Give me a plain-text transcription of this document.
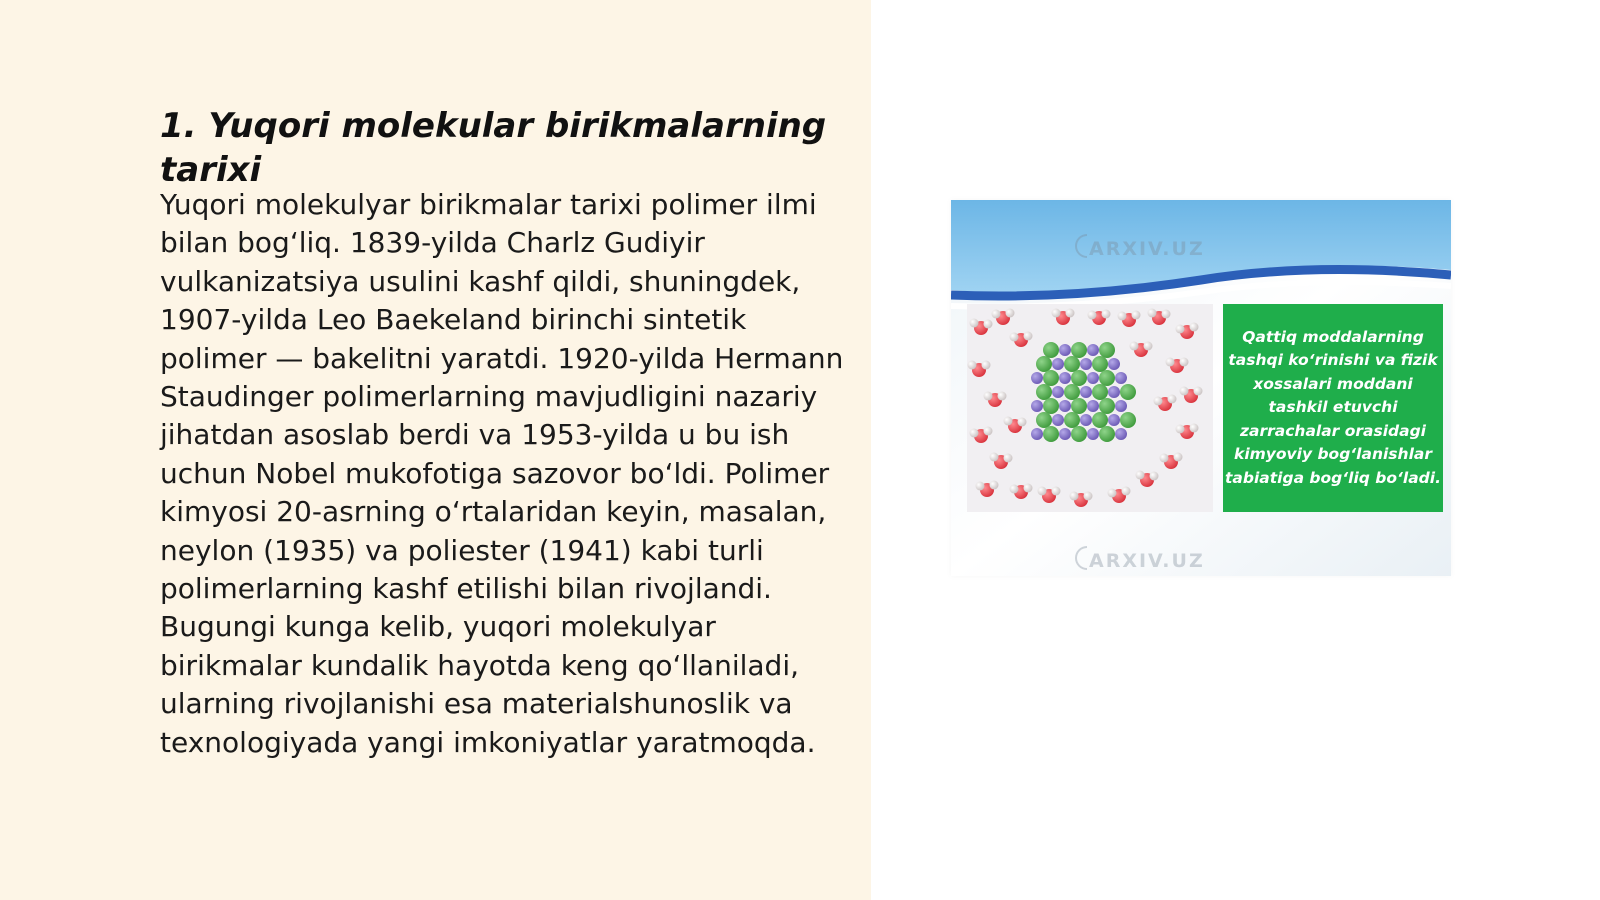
1. Yuqori molekular birikmalarning tarixi

Yuqori molekulyar birikmalar tarixi polimer ilmi bilan bog‘liq. 1839-yilda Charlz Gudiyir vulkanizatsiya usulini kashf qildi, shuningdek, 1907-yilda Leo Baekeland birinchi sintetik polimer — bakelitni yaratdi. 1920-yilda Hermann Staudinger polimerlarning mavjudligini nazariy jihatdan asoslab berdi va 1953-yilda u bu ish uchun Nobel mukofotiga sazovor bo‘ldi. Polimer kimyosi 20-asrning o‘rtalaridan keyin, masalan, neylon (1935) va poliester (1941) kabi turli polimerlarning kashf etilishi bilan rivojlandi. Bugungi kunga kelib, yuqori molekulyar birikmalar kundalik hayotda keng qo‘llaniladi, ularning rivojlanishi esa materialshunoslik va texnologiyada yangi imkoniyatlar yaratmoqda.

Qattiq moddalarning tashqi ko‘rinishi va fizik xossalari moddani tashkil etuvchi zarrachalar orasidagi kimyoviy bog‘lanishlar tabiatiga bog‘liq bo‘ladi.

ARXIV.UZ
ARXIV.UZ
